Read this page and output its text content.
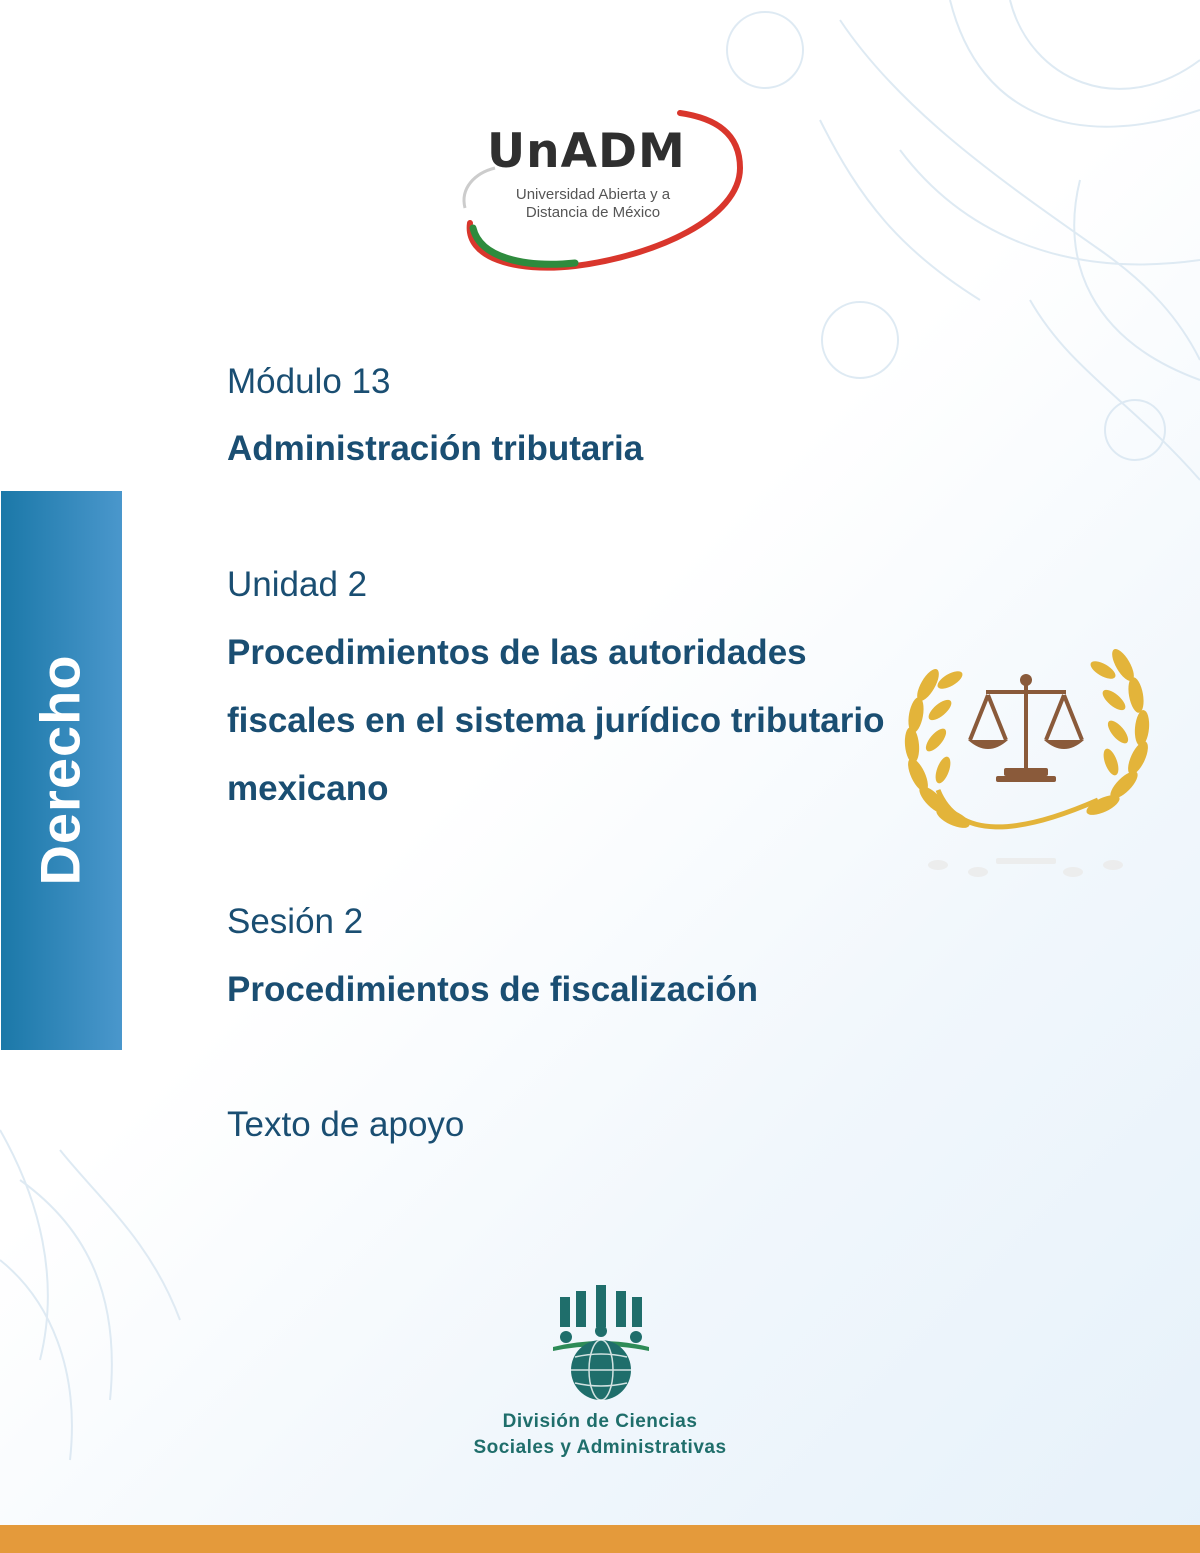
UnADM
Universidad Abierta y a
Distancia de México
Derecho

Módulo 13

Administración tributaria

Unidad 2

Procedimientos de las autoridades

fiscales en el sistema jurídico tributario

mexicano

Sesión 2

Procedimientos de fiscalización

Texto de apoyo

División de Ciencias
Sociales y Administrativas
